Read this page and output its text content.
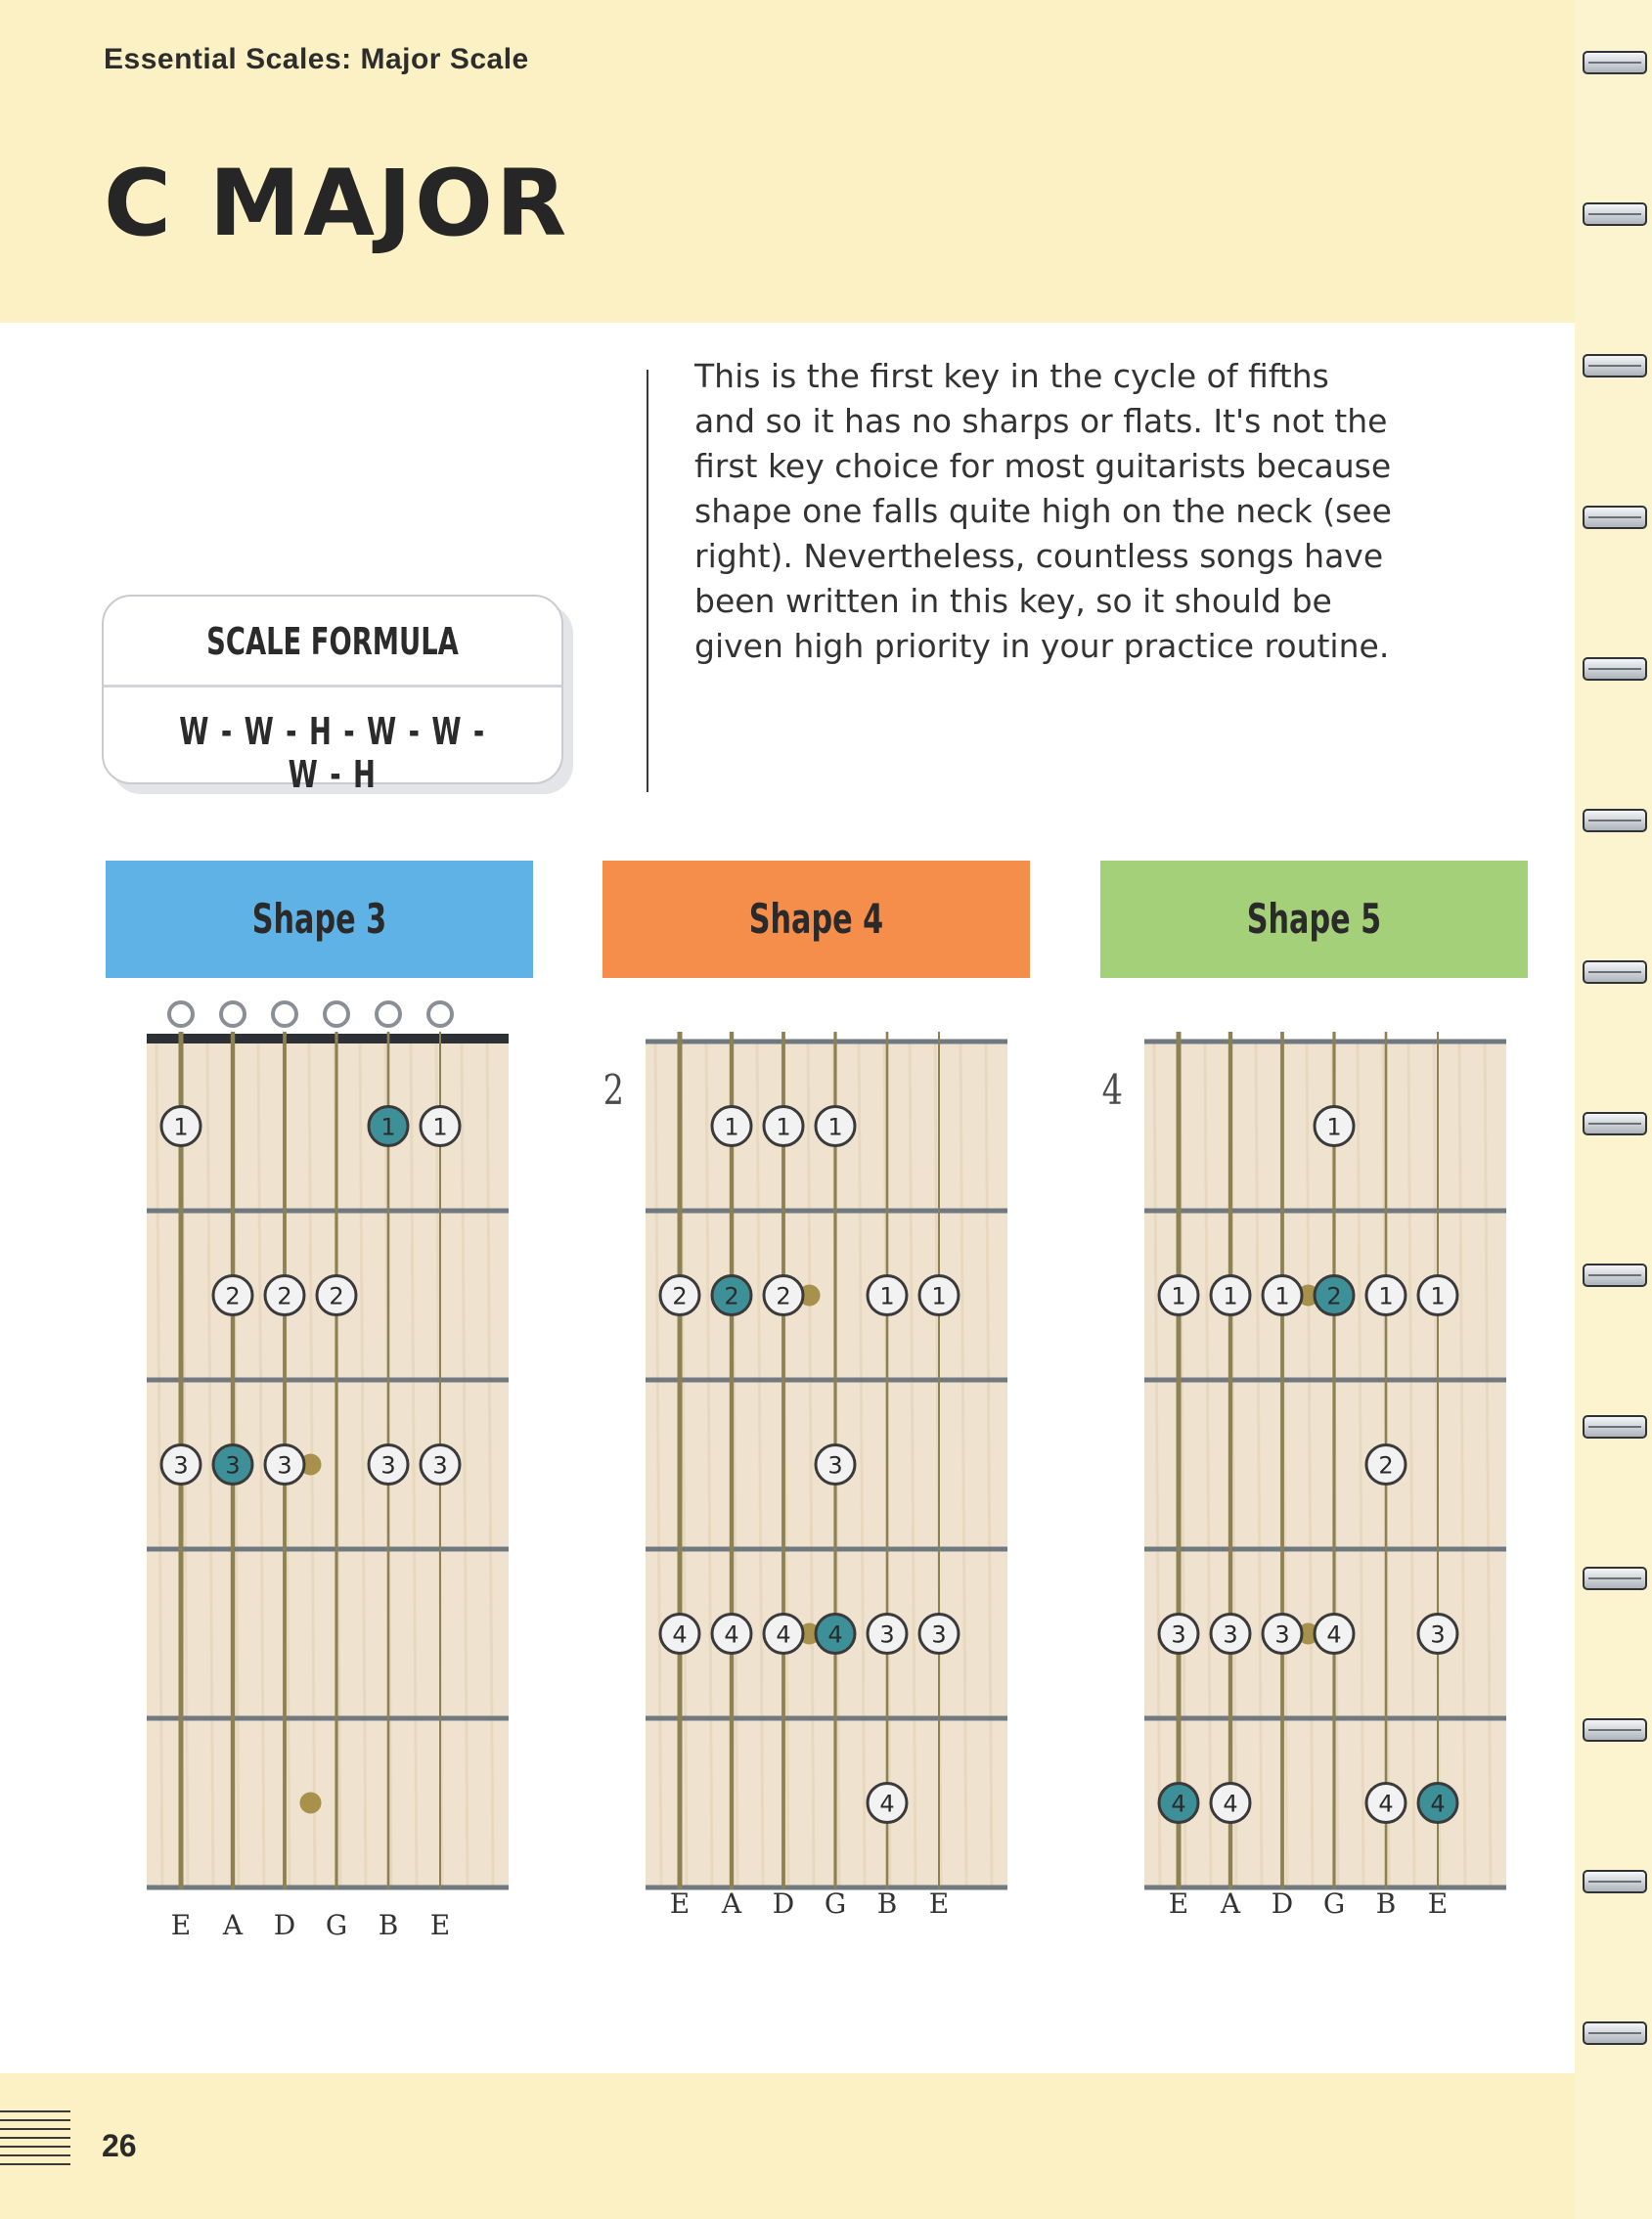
Essential Scales: Major Scale
C MAJOR
SCALE FORMULA
W - W - H - W - W - W - H

This is the first key in the cycle of fifths and so it has no sharps or flats. It's not the first key choice for most guitarists because shape one falls quite high on the neck (see right). Nevertheless, countless songs have been written in this key, so it should be given high priority in your practice routine.

Shape 3
1	1 1
2 2 2
3 3 3	3 3
E A D G B E
Shape 4
2
1 1 1
2 2 2	1 1
3
4 4 4 4 3 3
4
E A D G B E
Shape 5
4
1
1 1 1 2 1 1
2
3 3 3 4	3
4 4	4 4
E A D G B E
26
